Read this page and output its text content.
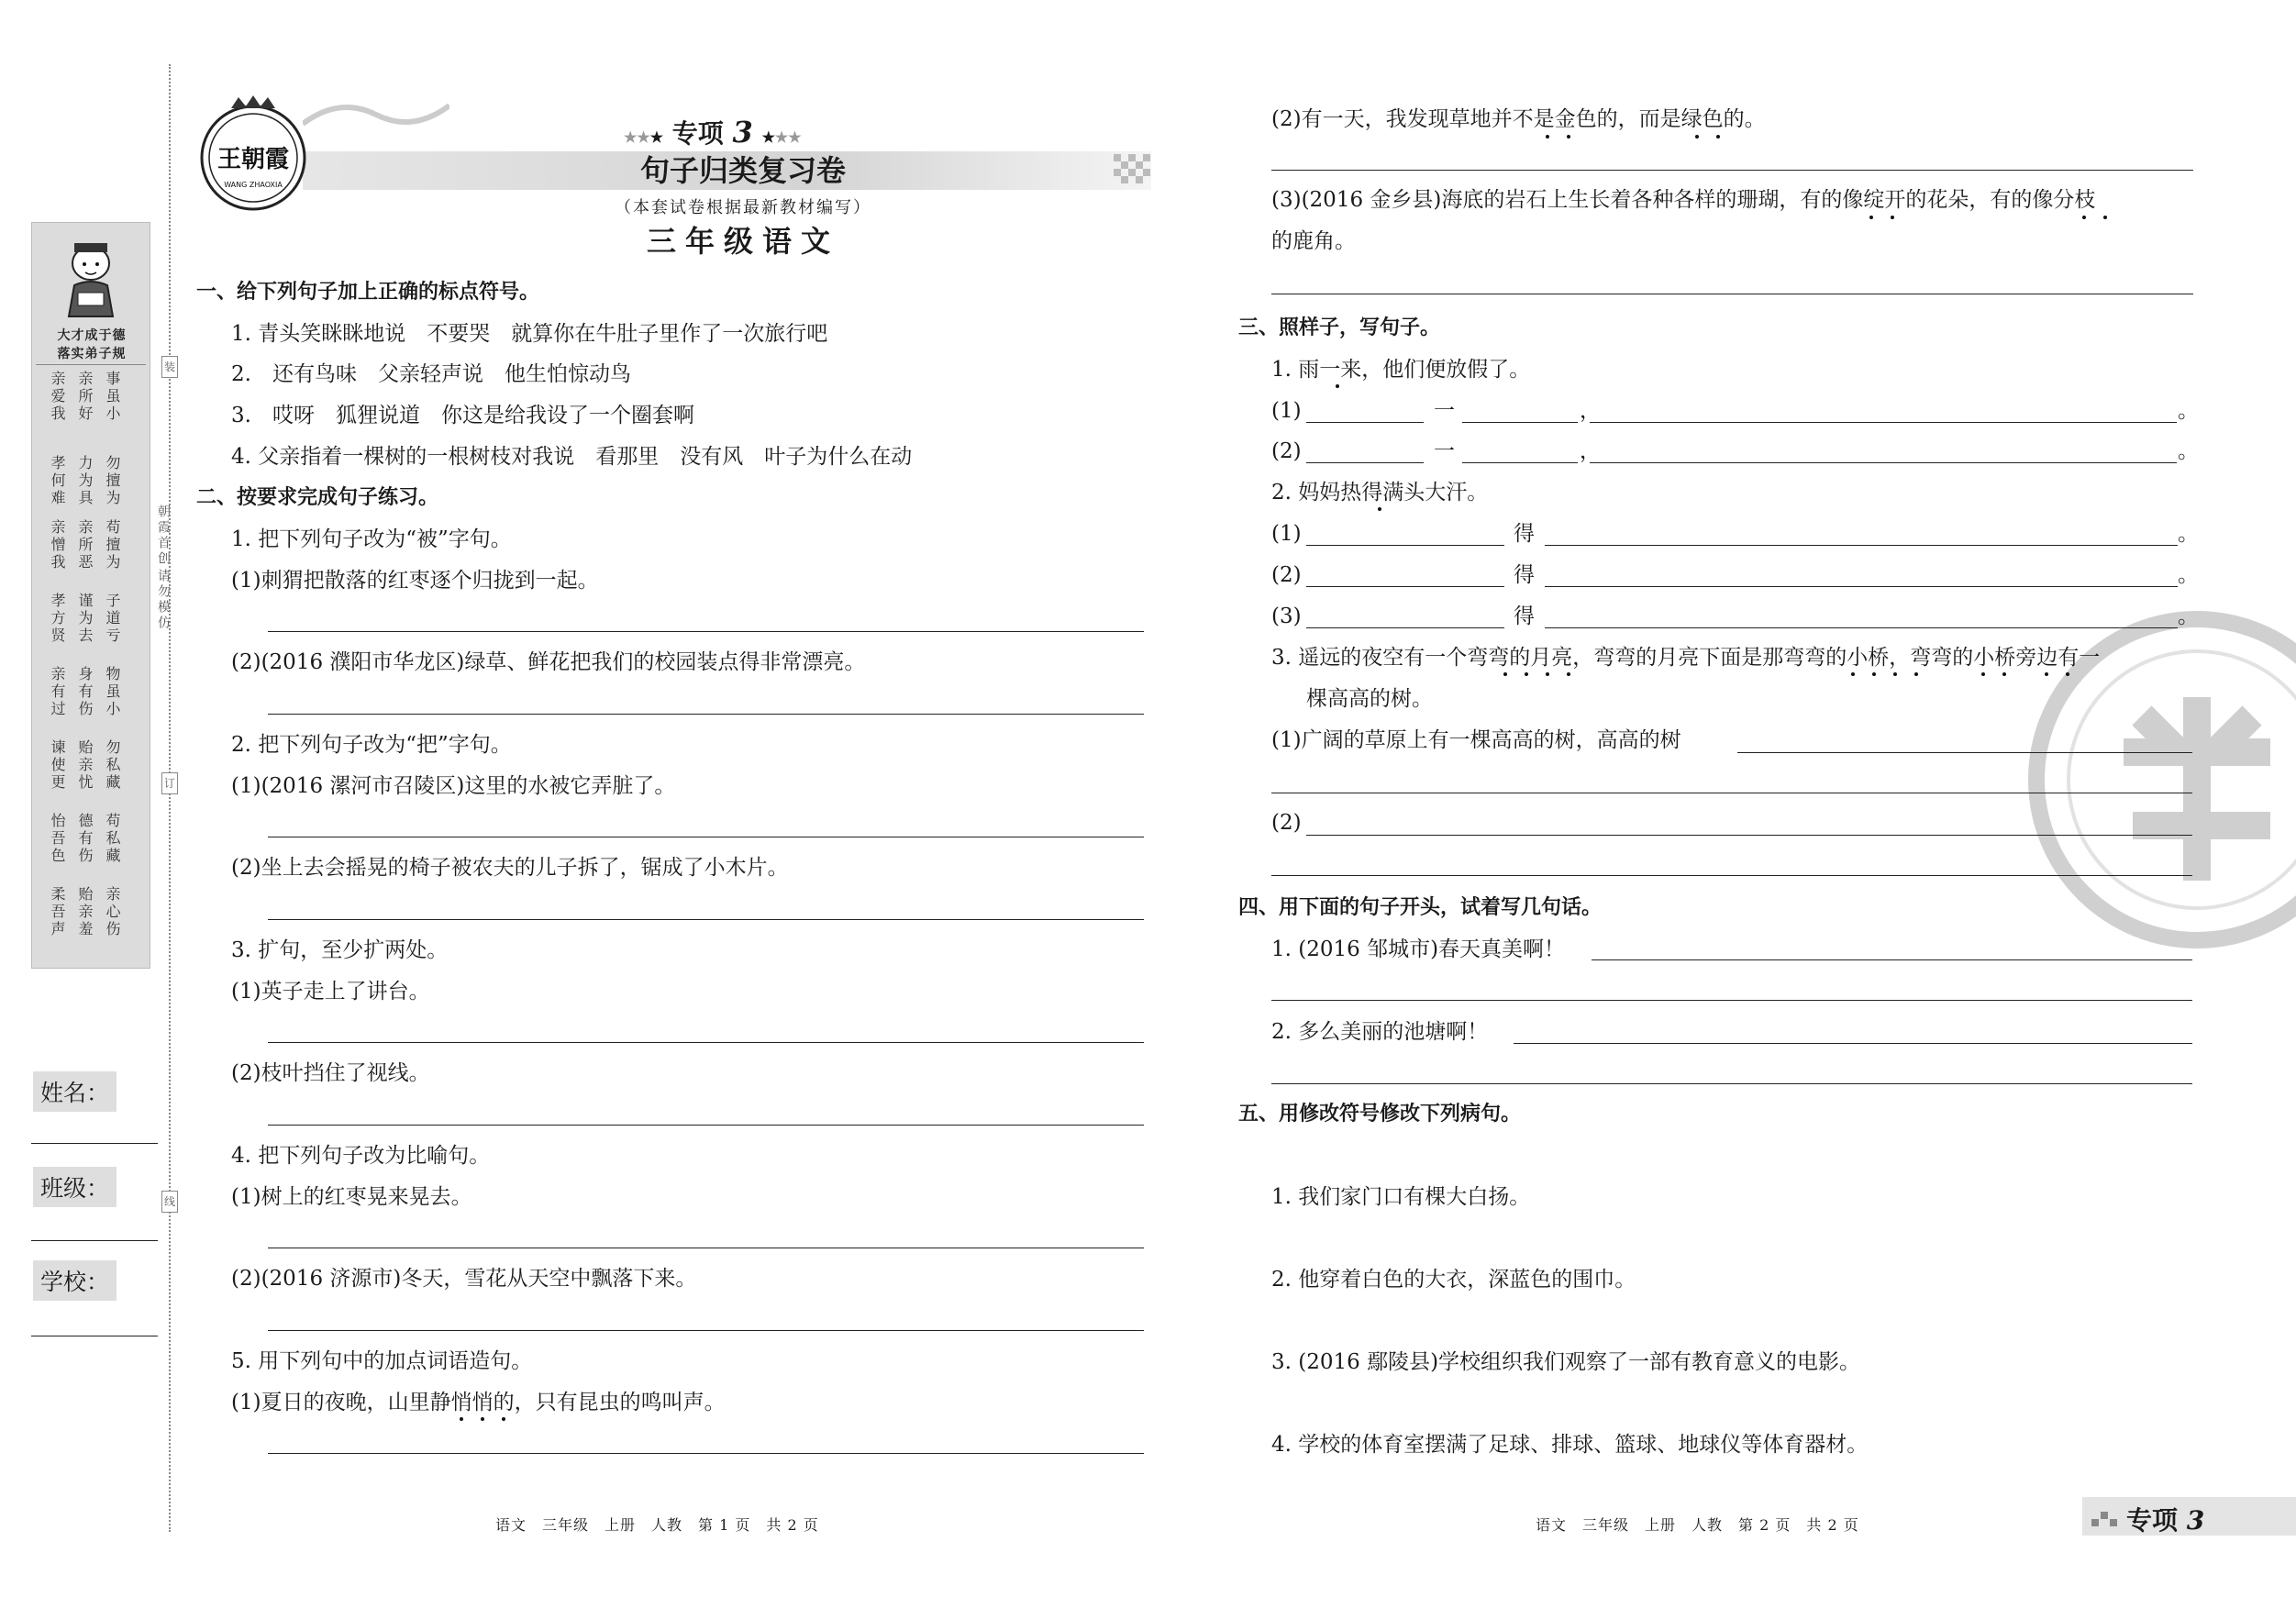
大才成于德
落实弟子规
事虽小
亲所好
亲爱我
勿擅为
力为具
孝何难
苟擅为
亲所恶
亲憎我
子道亏
谨为去
孝方贤
物虽小
身有伤
亲有过
勿私藏
贻亲忧
谏使更
苟私藏
德有伤
怡吾色
亲心伤
贻亲羞
柔吾声
朝霞首创
请勿模仿
装
订
线
姓名：
班级：
学校：
王朝霞
WANG ZHAOXIA
★★★ 专项 3 ★★★
句子归类复习卷
（本套试卷根据最新教材编写）
三年级语文
一、给下列句子加上正确的标点符号。
1. 青头笑眯眯地说　不要哭　就算你在牛肚子里作了一次旅行吧
2.　还有鸟味　父亲轻声说　他生怕惊动鸟
3.　哎呀　狐狸说道　你这是给我设了一个圈套啊
4. 父亲指着一棵树的一根树枝对我说　看那里　没有风　叶子为什么在动
二、按要求完成句子练习。
1. 把下列句子改为“被”字句。
(1)刺猬把散落的红枣逐个归拢到一起。
(2)(2016 濮阳市华龙区)绿草、鲜花把我们的校园装点得非常漂亮。
2. 把下列句子改为“把”字句。
(1)(2016 漯河市召陵区)这里的水被它弄脏了。
(2)坐上去会摇晃的椅子被农夫的儿子拆了，锯成了小木片。
3. 扩句，至少扩两处。
(1)英子走上了讲台。
(2)枝叶挡住了视线。
4. 把下列句子改为比喻句。
(1)树上的红枣晃来晃去。
(2)(2016 济源市)冬天，雪花从天空中飘落下来。
5. 用下列句中的加点词语造句。
(1)夏日的夜晚，山里静悄悄的，只有昆虫的鸣叫声。
语文　三年级　上册　人教　第 1 页　共 2 页
(2)有一天，我发现草地并不是金色的，而是绿色的。
(3)(2016 金乡县)海底的岩石上生长着各种各样的珊瑚，有的像绽开的花朵，有的像分枝
的鹿角。
三、照样子，写句子。
1. 雨一来，他们便放假了。
(1)	一	，	。
(2)	一	，	。
2. 妈妈热得满头大汗。
(1)	得	。
(2)	得	。
(3)	得	。
3. 遥远的夜空有一个弯弯的月亮，弯弯的月亮下面是那弯弯的小桥，弯弯的小桥旁边有一
棵高高的树。
(1)广阔的草原上有一棵高高的树，高高的树
(2)
四、用下面的句子开头，试着写几句话。
1. (2016 邹城市)春天真美啊！
2. 多么美丽的池塘啊！
五、用修改符号修改下列病句。
1. 我们家门口有棵大白扬。
2. 他穿着白色的大衣，深蓝色的围巾。
3. (2016 鄢陵县)学校组织我们观察了一部有教育意义的电影。
4. 学校的体育室摆满了足球、排球、篮球、地球仪等体育器材。
语文　三年级　上册　人教　第 2 页　共 2 页	专项 3
